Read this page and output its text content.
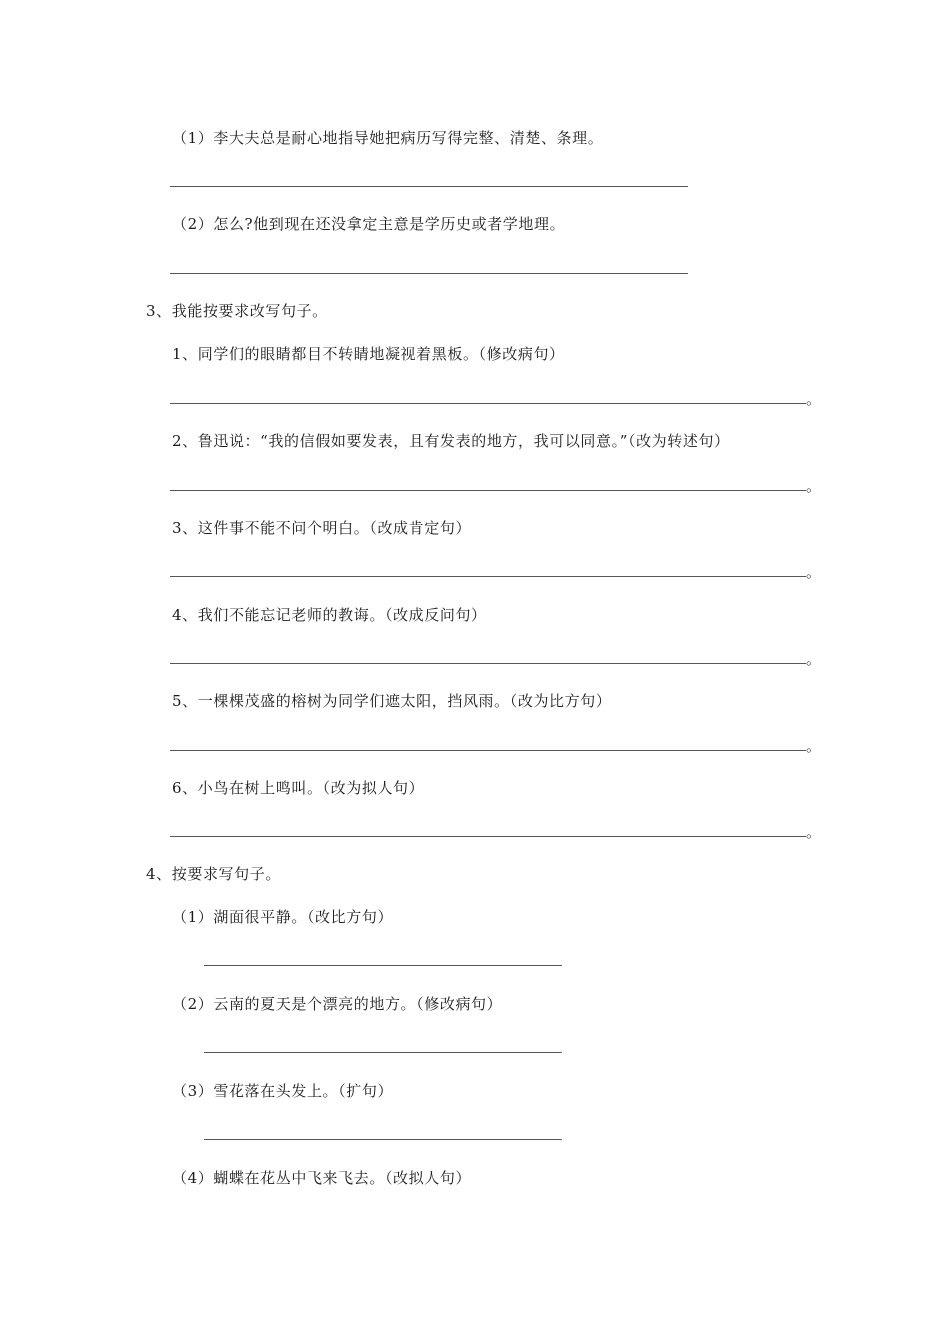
（1）李大夫总是耐心地指导她把病历写得完整、清楚、条理。
（2）怎么?他到现在还没拿定主意是学历史或者学地理。
3、我能按要求改写句子。
1、同学们的眼睛都目不转睛地凝视着黑板。（修改病句）
。
2、鲁迅说：“我的信假如要发表，且有发表的地方，我可以同意。”（改为转述句）
。
3、这件事不能不问个明白。（改成肯定句）
。
4、我们不能忘记老师的教诲。（改成反问句）
。
5、一棵棵茂盛的榕树为同学们遮太阳，挡风雨。（改为比方句）
。
6、小鸟在树上鸣叫。（改为拟人句）
。
4、按要求写句子。
（1）湖面很平静。（改比方句）
（2）云南的夏天是个漂亮的地方。（修改病句）
（3）雪花落在头发上。（扩句）
（4）蝴蝶在花丛中飞来飞去。（改拟人句）
